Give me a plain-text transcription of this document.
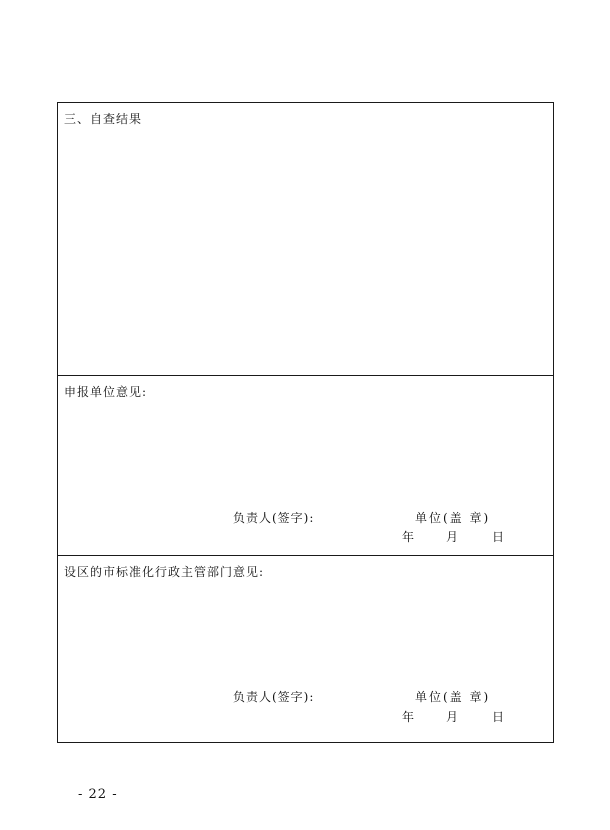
三、自查结果
申报单位意见:
负责人(签字):	单位(盖 章)
年	月	日
设区的市标准化行政主管部门意见:
负责人(签字):	单位(盖 章)
年	月	日
- 22 -
